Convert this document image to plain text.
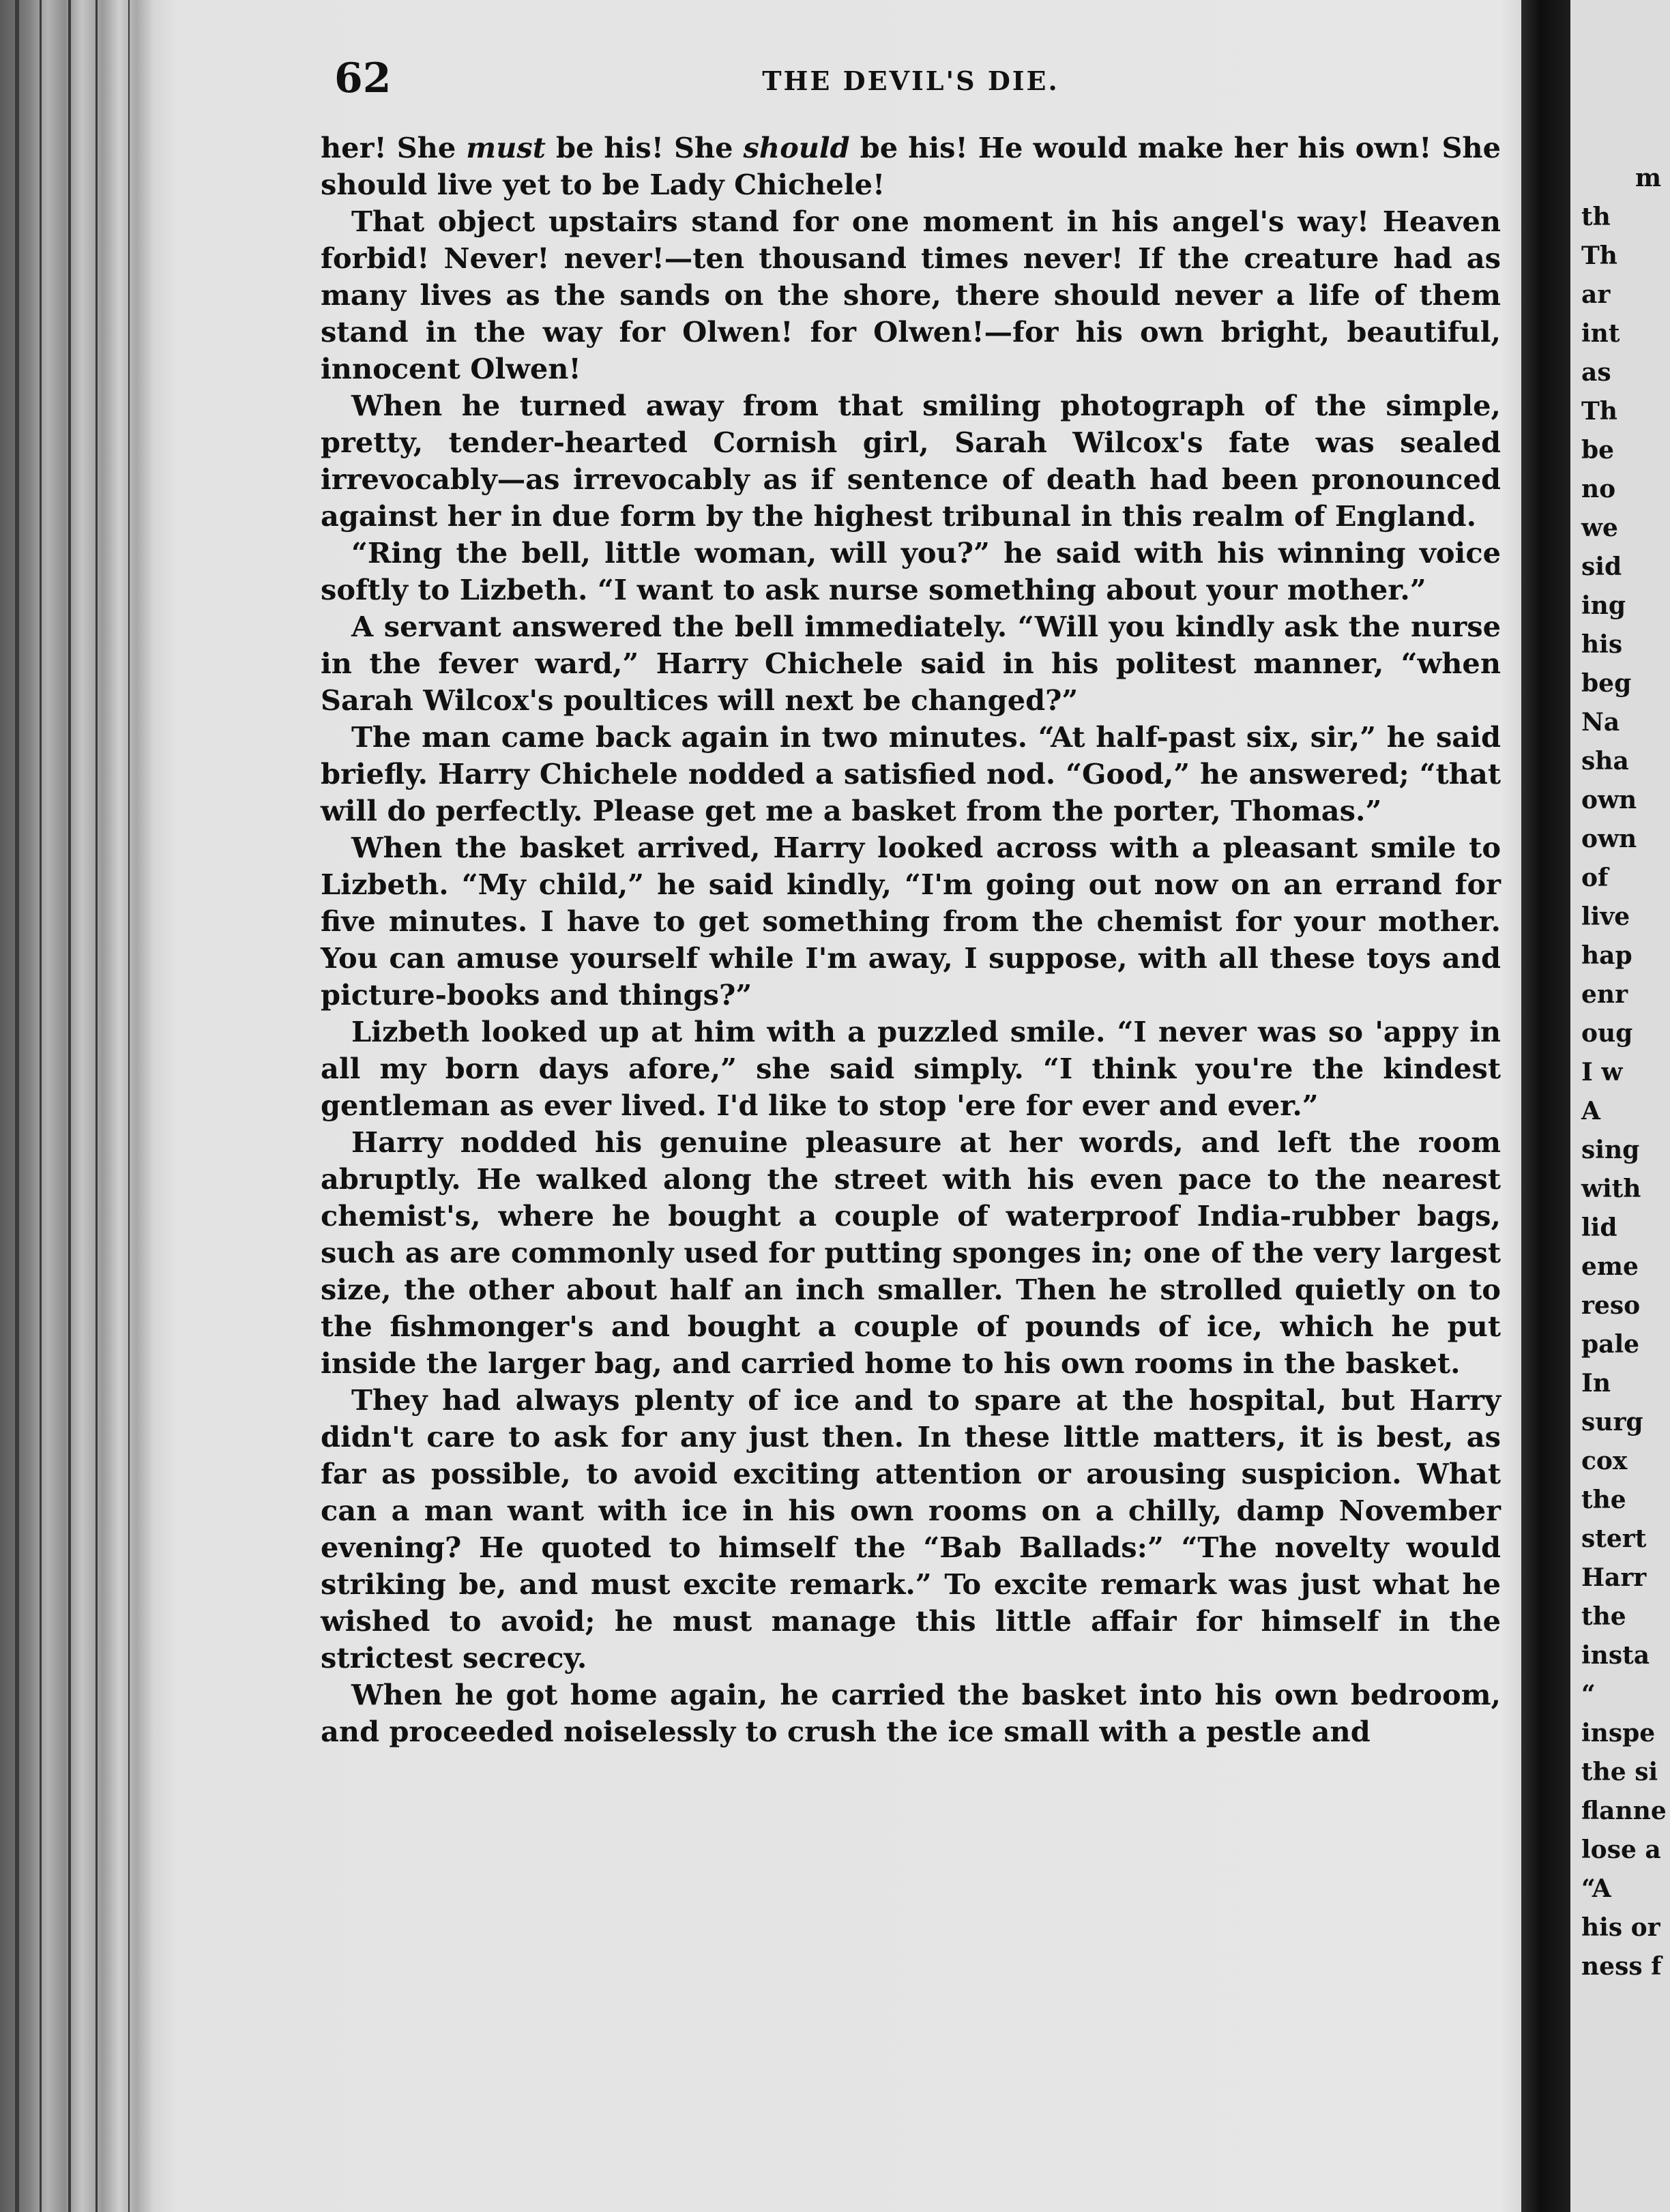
62	THE DEVIL'S DIE.

her! She must be his! She should be his! He would make her his own! She should live yet to be Lady Chichele!

That object upstairs stand for one moment in his angel's way! Heaven forbid! Never! never!—ten thousand times never! If the creature had as many lives as the sands on the shore, there should never a life of them stand in the way for Olwen! for Olwen!—for his own bright, beautiful, innocent Olwen!

When he turned away from that smiling photograph of the simple, pretty, tender-hearted Cornish girl, Sarah Wilcox's fate was sealed irrevocably—as irrevocably as if sentence of death had been pronounced against her in due form by the highest tribunal in this realm of England.

“Ring the bell, little woman, will you?” he said with his winning voice softly to Lizbeth. “I want to ask nurse something about your mother.”

A servant answered the bell immediately. “Will you kindly ask the nurse in the fever ward,” Harry Chichele said in his politest manner, “when Sarah Wilcox's poultices will next be changed?”

The man came back again in two minutes. “At half-past six, sir,” he said briefly. Harry Chichele nodded a satisfied nod. “Good,” he answered; “that will do perfectly. Please get me a basket from the porter, Thomas.”

When the basket arrived, Harry looked across with a pleasant smile to Lizbeth. “My child,” he said kindly, “I'm going out now on an errand for five minutes. I have to get something from the chemist for your mother. You can amuse yourself while I'm away, I suppose, with all these toys and picture-books and things?”

Lizbeth looked up at him with a puzzled smile. “I never was so 'appy in all my born days afore,” she said simply. “I think you're the kindest gentleman as ever lived. I'd like to stop 'ere for ever and ever.”

Harry nodded his genuine pleasure at her words, and left the room abruptly. He walked along the street with his even pace to the nearest chemist's, where he bought a couple of waterproof India-rubber bags, such as are commonly used for putting sponges in; one of the very largest size, the other about half an inch smaller. Then he strolled quietly on to the fishmonger's and bought a couple of pounds of ice, which he put inside the larger bag, and carried home to his own rooms in the basket.

They had always plenty of ice and to spare at the hospital, but Harry didn't care to ask for any just then. In these little matters, it is best, as far as possible, to avoid exciting attention or arousing suspicion. What can a man want with ice in his own rooms on a chilly, damp November evening? He quoted to himself the “Bab Ballads:” “The novelty would striking be, and must excite remark.” To excite remark was just what he wished to avoid; he must manage this little affair for himself in the strictest secrecy.

When he got home again, he carried the basket into his own bedroom, and proceeded noiselessly to crush the ice small with a pestle and

m
th
Th
ar
int
as
Th
be
no
we
sid
ing
his
beg
Na
sha
own
own
of
live
hap
enr
oug
I w
A
sing
with
lid
eme
reso
pale
In
surg
cox
the
stert
Harr
the
insta
“
inspe
the si
flanne
lose a
“A
his or
ness f
